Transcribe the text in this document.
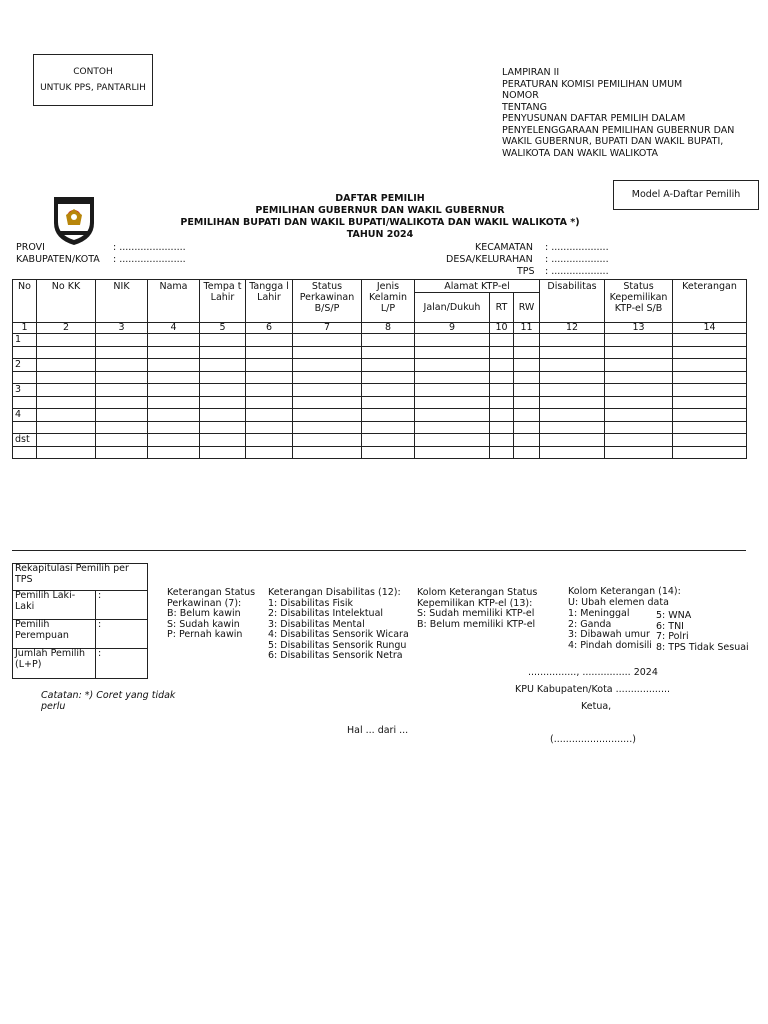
CONTOH
UNTUK PPS, PANTARLIH
LAMPIRAN II
PERATURAN KOMISI PEMILIHAN UMUM
NOMOR
TENTANG
PENYUSUNAN DAFTAR PEMILIH DALAM
PENYELENGGARAAN PEMILIHAN GUBERNUR DAN
WAKIL GUBERNUR, BUPATI DAN WAKIL BUPATI,
WALIKOTA DAN WAKIL WALIKOTA
Model A-Daftar Pemilih
DAFTAR PEMILIH
PEMILIHAN GUBERNUR DAN WAKIL GUBERNUR
PEMILIHAN BUPATI DAN WAKIL BUPATI/WALIKOTA DAN WAKIL WALIKOTA *)
TAHUN 2024
PROVI	: ......................
KABUPATEN/KOTA : ......................
KECAMATAN : ...................
DESA/KELURAHAN : ...................
TPS : ...................
No	No KK	NIK	Nama	Tempa t Lahir	Tangga l Lahir	Status Perkawinan B/S/P	Jenis Kelamin L/P	Alamat KTP-el			Disabilitas	Status Kepemilikan KTP-el S/B	Keterangan
								Jalan/Dukuh	RT	RW			
1	2	3	4	5	6	7	8	9	10	11	12	13	14
1													

2													

3													

4													

dst													

Rekapitulasi Pemilih per TPS	
Pemilih Laki-Laki	:
Pemilih Perempuan	:
Jumlah Pemilih (L+P)	:
Catatan: *) Coret yang tidak perlu
Keterangan Status Perkawinan (7):
B: Belum kawin
S: Sudah kawin
P: Pernah kawin
Keterangan Disabilitas (12):
1: Disabilitas Fisik
2: Disabilitas Intelektual
3: Disabilitas Mental
4: Disabilitas Sensorik Wicara
5: Disabilitas Sensorik Rungu
6: Disabilitas Sensorik Netra
Kolom Keterangan Status Kepemilikan KTP-el (13):
S: Sudah memiliki KTP-el
B: Belum memiliki KTP-el
Kolom Keterangan (14):
U: Ubah elemen data
1: Meninggal
2: Ganda
3: Dibawah umur
4: Pindah domisili
5: WNA
6: TNI
7: Polri
8: TPS Tidak Sesuai
................, ................ 2024
KPU Kabupaten/Kota ..................
Ketua,
(..........................)
Hal ... dari ...
